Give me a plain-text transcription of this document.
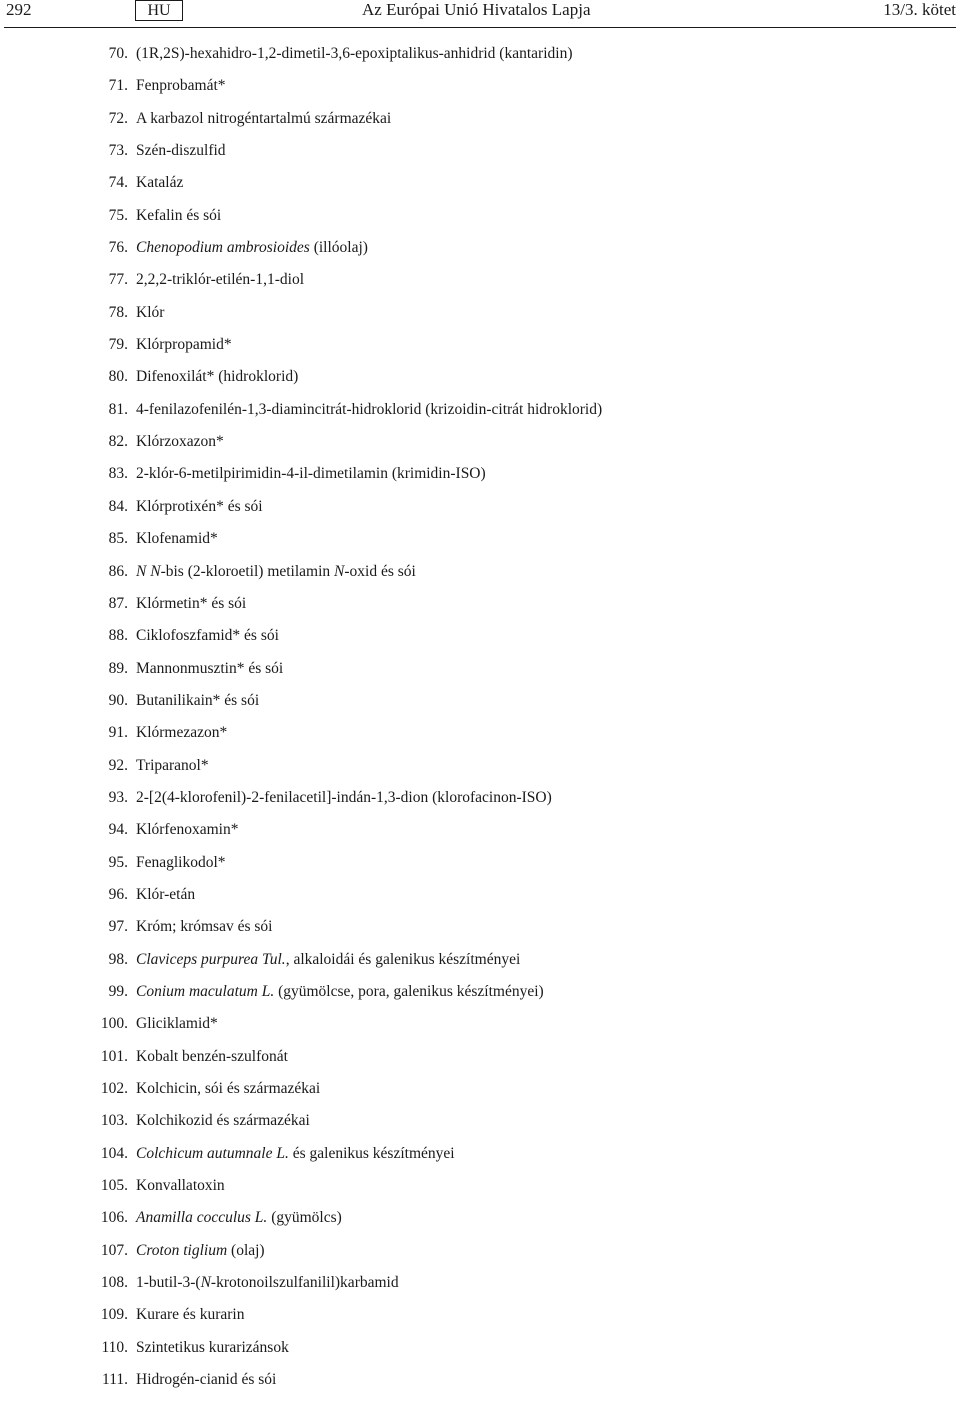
292	HU	Az Európai Unió Hivatalos Lapja	13/3. kötet
70. (1R,2S)-hexahidro-1,2-dimetil-3,6-epoxiptalikus-anhidrid (kantaridin)
71. Fenprobamát*
72. A karbazol nitrogéntartalmú származékai
73. Szén-diszulfid
74. Kataláz
75. Kefalin és sói
76. Chenopodium ambrosioides (illóolaj)
77. 2,2,2-triklór-etilén-1,1-diol
78. Klór
79. Klórpropamid*
80. Difenoxilát* (hidroklorid)
81. 4-fenilazofenilén-1,3-diamincitrát-hidroklorid (krizoidin-citrát hidroklorid)
82. Klórzoxazon*
83. 2-klór-6-metilpirimidin-4-il-dimetilamin (krimidin-ISO)
84. Klórprotixén* és sói
85. Klofenamid*
86. N N-bis (2-kloroetil) metilamin N-oxid és sói
87. Klórmetin* és sói
88. Ciklofoszfamid* és sói
89. Mannonmusztin* és sói
90. Butanilikain* és sói
91. Klórmezazon*
92. Triparanol*
93. 2-[2(4-klorofenil)-2-fenilacetil]-indán-1,3-dion (klorofacinon-ISO)
94. Klórfenoxamin*
95. Fenaglikodol*
96. Klór-etán
97. Króm; krómsav és sói
98. Claviceps purpurea Tul., alkaloidái és galenikus készítményei
99. Conium maculatum L. (gyümölcse, pora, galenikus készítményei)
100. Gliciklamid*
101. Kobalt benzén-szulfonát
102. Kolchicin, sói és származékai
103. Kolchikozid és származékai
104. Colchicum autumnale L. és galenikus készítményei
105. Konvallatoxin
106. Anamilla cocculus L. (gyümölcs)
107. Croton tiglium (olaj)
108. 1-butil-3-(N-krotonoilszulfanilil)karbamid
109. Kurare és kurarin
110. Szintetikus kurarizánsok
111. Hidrogén-cianid és sói
